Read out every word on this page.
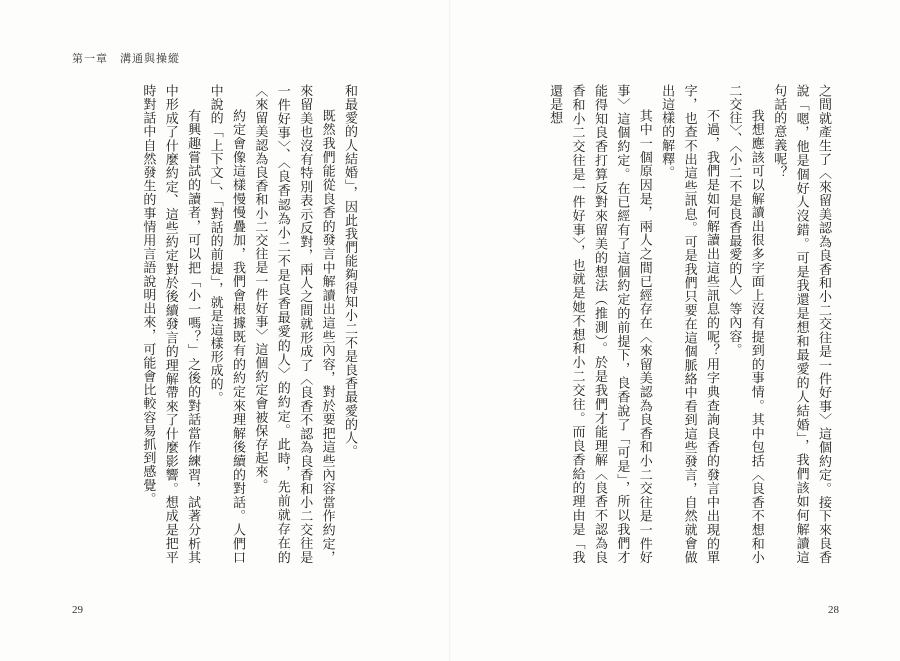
第一章　溝通與操縱

之間就產生了〈來留美認為良香和小二交往是一件好事〉這個約定。接下來良香說「嗯，他是個好人沒錯。可是我還是想和最愛的人結婚」，我們該如何解讀這句話的意義呢？

我想應該可以解讀出很多字面上沒有提到的事情。其中包括〈良香不想和小二交往〉、〈小二不是良香最愛的人〉等內容。

不過，我們是如何解讀出這些訊息的呢？用字典查詢良香的發言中出現的單字，也查不出這些訊息。可是我們只要在這個脈絡中看到這些發言，自然就會做出這樣的解釋。

其中一個原因是，兩人之間已經存在〈來留美認為良香和小二交往是一件好事〉這個約定。在已經有了這個約定的前提下，良香說了「可是」，所以我們才能得知良香打算反對來留美的想法（推測）。於是我們才能理解〈良香不認為良香和小二交往是一件好事〉，也就是她不想和小二交往。而良香給的理由是「我還是想

和最愛的人結婚」，因此我們能夠得知小二不是良香最愛的人。

既然我們能從良香的發言中解讀出這些內容，對於要把這些內容當作約定，來留美也沒有特別表示反對，兩人之間就形成了〈良香不認為良香和小二交往是一件好事〉、〈良香認為小二不是良香最愛的人〉的約定。此時，先前就存在的〈來留美認為良香和小二交往是一件好事〉這個約定會被保存起來。

約定會像這樣慢慢疊加，我們會根據既有的約定來理解後續的對話。人們口中說的「上下文」、「對話的前提」，就是這樣形成的。

有興趣嘗試的讀者，可以把「小一嗎？」之後的對話當作練習，試著分析其中形成了什麼約定、這些約定對於後續發言的理解帶來了什麼影響。想成是把平時對話中自然發生的事情用言語說明出來，可能會比較容易抓到感覺。

29	28
